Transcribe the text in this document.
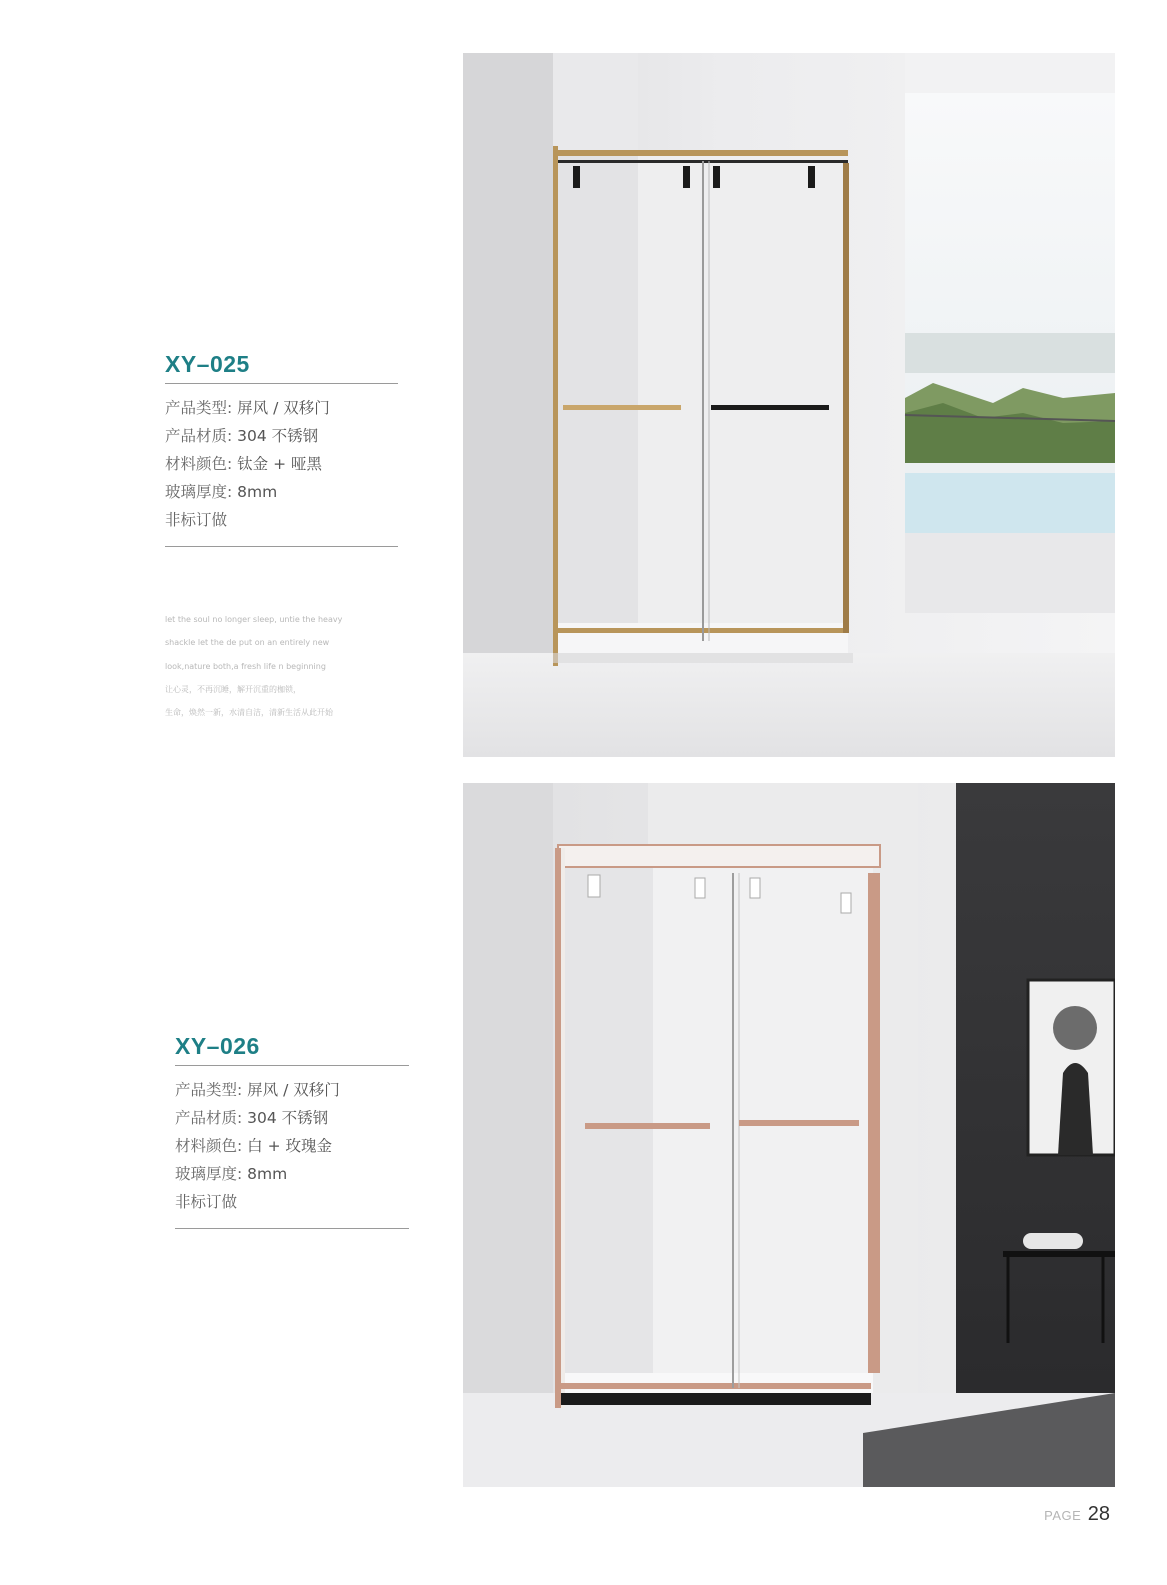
XY–025
产品类型: 屏风 / 双移门
产品材质: 304 不锈钢
材料颜色: 钛金 + 哑黑
玻璃厚度: 8mm
非标订做
let the soul no longer sleep, untie the heavy
shackle let the de put on an entirely new
look,nature both,a fresh life n beginning
让心灵，不再沉睡，解开沉重的枷锁，
生命，焕然一新，水清自洁，清新生活从此开始
XY–026
产品类型: 屏风 / 双移门
产品材质: 304 不锈钢
材料颜色: 白 + 玫瑰金
玻璃厚度: 8mm
非标订做
PAGE 28
